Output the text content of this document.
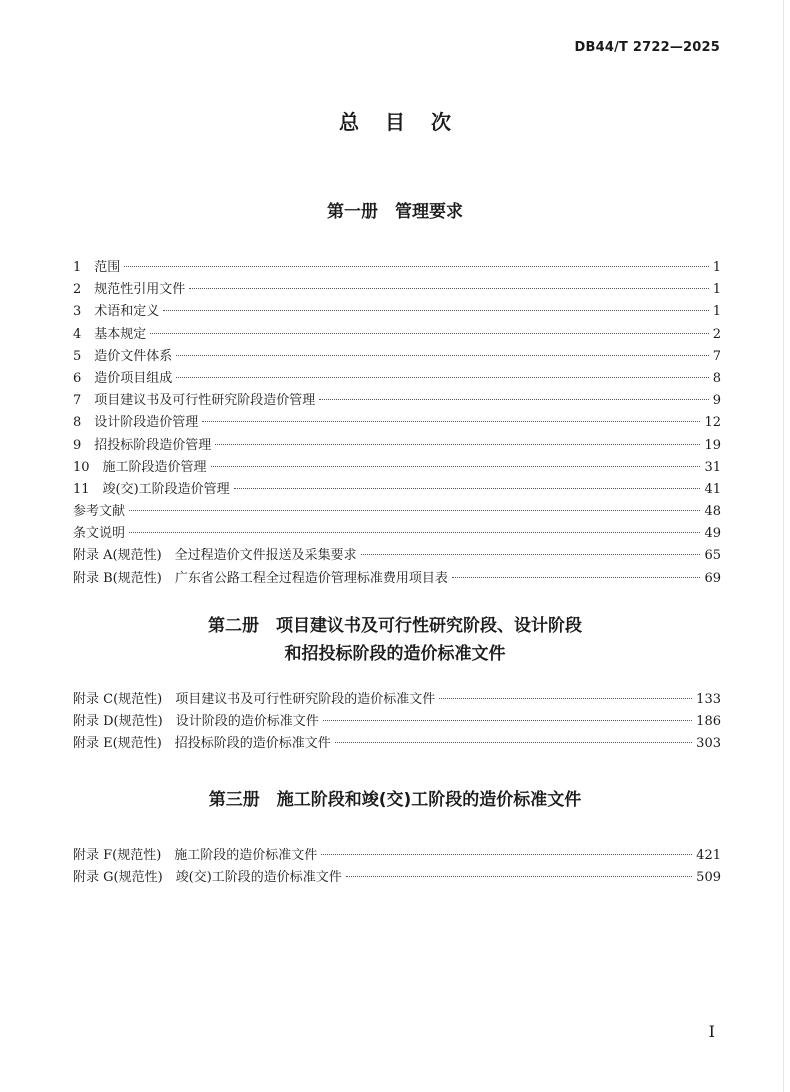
DB44/T 2722—2025
总目次
第一册　管理要求
1　范围	1
2　规范性引用文件	1
3　术语和定义	1
4　基本规定	2
5　造价文件体系	7
6　造价项目组成	8
7　项目建议书及可行性研究阶段造价管理	9
8　设计阶段造价管理	12
9　招投标阶段造价管理	19
10　施工阶段造价管理	31
11　竣(交)工阶段造价管理	41
参考文献	48
条文说明	49
附录 A(规范性)　全过程造价文件报送及采集要求	65
附录 B(规范性)　广东省公路工程全过程造价管理标准费用项目表	69
第二册　项目建议书及可行性研究阶段、设计阶段
和招投标阶段的造价标准文件
附录 C(规范性)　项目建议书及可行性研究阶段的造价标准文件	133
附录 D(规范性)　设计阶段的造价标准文件	186
附录 E(规范性)　招投标阶段的造价标准文件	303
第三册　施工阶段和竣(交)工阶段的造价标准文件
附录 F(规范性)　施工阶段的造价标准文件	421
附录 G(规范性)　竣(交)工阶段的造价标准文件	509
I
